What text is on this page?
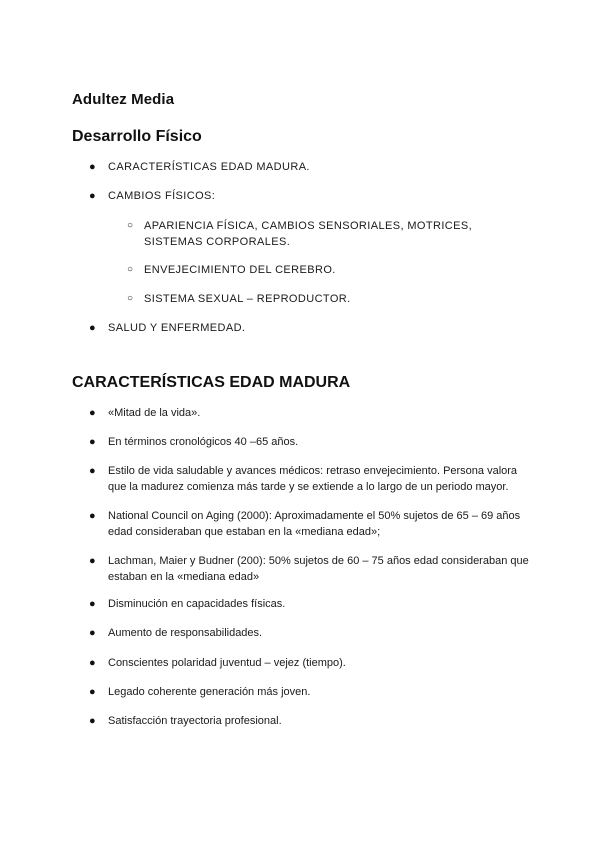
Adultez Media
Desarrollo Físico
●	CARACTERÍSTICAS EDAD MADURA.
●	CAMBIOS FÍSICOS:
○ APARIENCIA FÍSICA, CAMBIOS SENSORIALES, MOTRICES, SISTEMAS CORPORALES.
○ ENVEJECIMIENTO DEL CEREBRO.
○ SISTEMA SEXUAL – REPRODUCTOR.
●	SALUD Y ENFERMEDAD.
CARACTERÍSTICAS EDAD MADURA
●	«Mitad de la vida».
●	En términos cronológicos 40 –65 años.
●	Estilo de vida saludable y avances médicos: retraso envejecimiento. Persona valora que la madurez comienza más tarde y se extiende a lo largo de un periodo mayor.
●	National Council on Aging (2000): Aproximadamente el 50% sujetos de 65 – 69 años edad consideraban que estaban en la «mediana edad»;
●	Lachman, Maier y Budner (200): 50% sujetos de 60 – 75 años edad consideraban que estaban en la «mediana edad»
●	Disminución en capacidades físicas.
●	Aumento de responsabilidades.
●	Conscientes polaridad juventud – vejez (tiempo).
●	Legado coherente generación más joven.
●	Satisfacción trayectoria profesional.
